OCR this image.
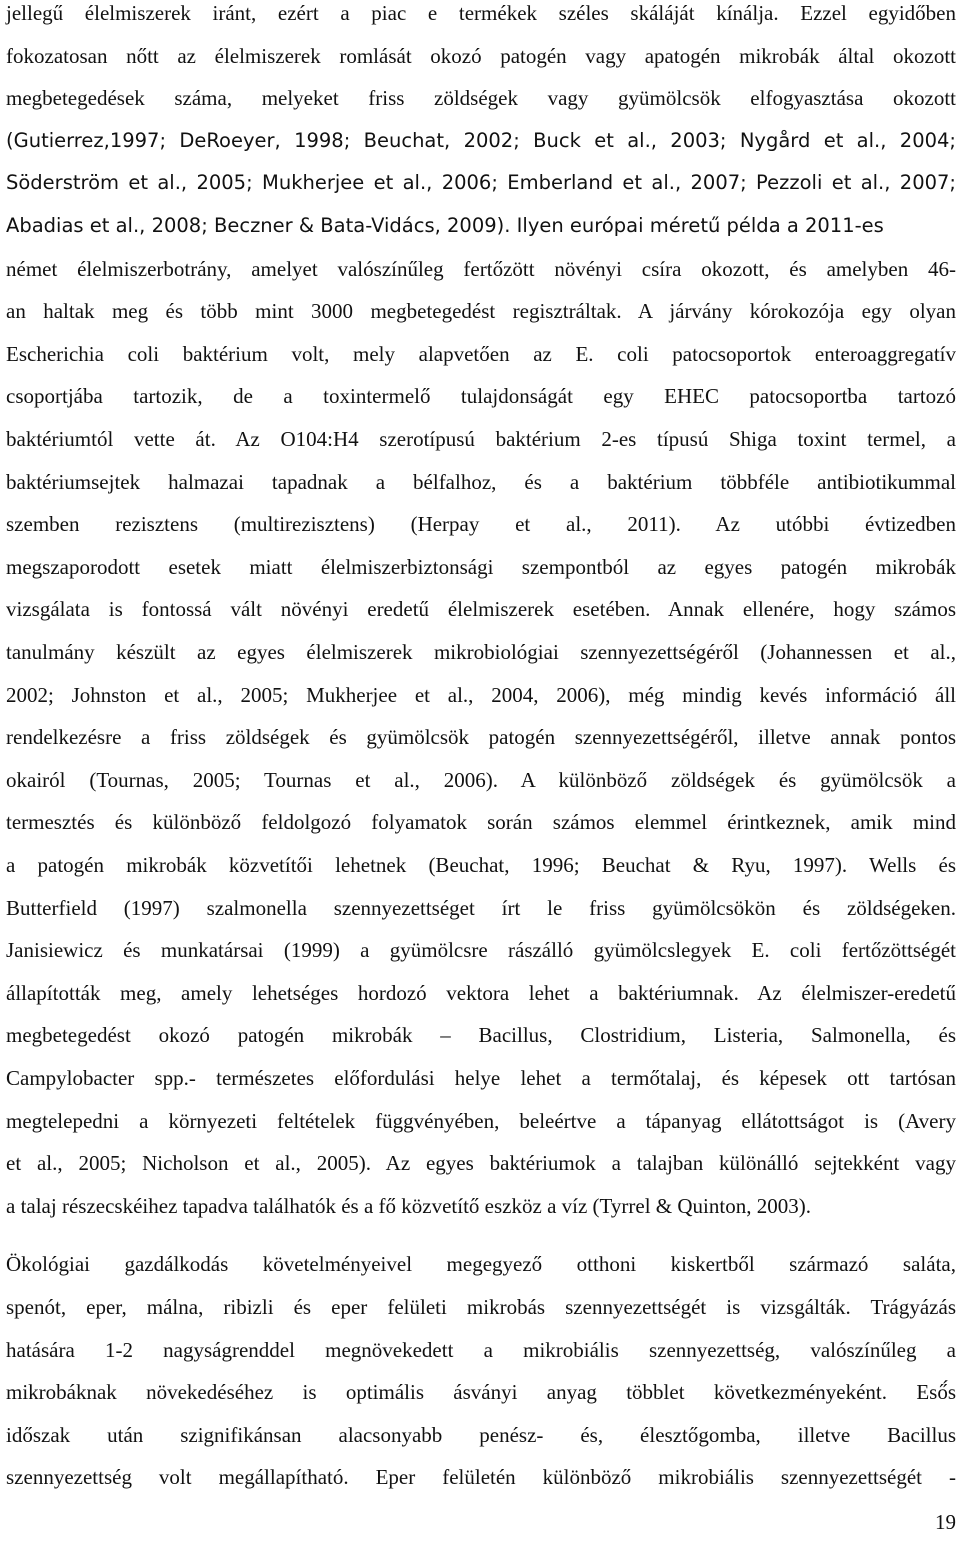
jellegű élelmiszerek iránt, ezért a piac e termékek széles skáláját kínálja. Ezzel egyidőben
fokozatosan nőtt az élelmiszerek romlását okozó patogén vagy apatogén mikrobák által okozott
megbetegedések száma, melyeket friss zöldségek vagy gyümölcsök elfogyasztása okozott
(Gutierrez,1997; DeRoeyer, 1998; Beuchat, 2002; Buck et al., 2003; Nygård et al., 2004;
Söderström et al., 2005; Mukherjee et al., 2006; Emberland et al., 2007; Pezzoli et al., 2007;
Abadias et al., 2008; Beczner & Bata-Vidács, 2009). Ilyen európai méretű példa a 2011-es
német élelmiszerbotrány, amelyet valószínűleg fertőzött növényi csíra okozott, és amelyben 46-
an haltak meg és több mint 3000 megbetegedést regisztráltak. A járvány kórokozója egy olyan
Escherichia coli baktérium volt, mely alapvetően az E. coli patocsoportok enteroaggregatív
csoportjába tartozik, de a toxintermelő tulajdonságát egy EHEC patocsoportba tartozó
baktériumtól vette át. Az O104:H4 szerotípusú baktérium 2-es típusú Shiga toxint termel, a
baktériumsejtek halmazai tapadnak a bélfalhoz, és a baktérium többféle antibiotikummal
szemben rezisztens (multirezisztens) (Herpay et al., 2011). Az utóbbi évtizedben
megszaporodott esetek miatt élelmiszerbiztonsági szempontból az egyes patogén mikrobák
vizsgálata is fontossá vált növényi eredetű élelmiszerek esetében. Annak ellenére, hogy számos
tanulmány készült az egyes élelmiszerek mikrobiológiai szennyezettségéről (Johannessen et al.,
2002; Johnston et al., 2005; Mukherjee et al., 2004, 2006), még mindig kevés információ áll
rendelkezésre a friss zöldségek és gyümölcsök patogén szennyezettségéről, illetve annak pontos
okairól (Tournas, 2005; Tournas et al., 2006). A különböző zöldségek és gyümölcsök a
termesztés és különböző feldolgozó folyamatok során számos elemmel érintkeznek, amik mind
a patogén mikrobák közvetítői lehetnek (Beuchat, 1996; Beuchat & Ryu, 1997). Wells és
Butterfield (1997) szalmonella szennyezettséget írt le friss gyümölcsökön és zöldségeken.
Janisiewicz és munkatársai (1999) a gyümölcsre rászálló gyümölcslegyek E. coli fertőzöttségét
állapították meg, amely lehetséges hordozó vektora lehet a baktériumnak. Az élelmiszer-eredetű
megbetegedést okozó patogén mikrobák – Bacillus, Clostridium, Listeria, Salmonella, és
Campylobacter spp.- természetes előfordulási helye lehet a termőtalaj, és képesek ott tartósan
megtelepedni a környezeti feltételek függvényében, beleértve a tápanyag ellátottságot is (Avery
et al., 2005; Nicholson et al., 2005). Az egyes baktériumok a talajban különálló sejtekként vagy
a talaj részecskéihez tapadva találhatók és a fő közvetítő eszköz a víz (Tyrrel & Quinton, 2003).
Ökológiai gazdálkodás követelményeivel megegyező otthoni kiskertből származó saláta,
spenót, eper, málna, ribizli és eper felületi mikrobás szennyezettségét is vizsgálták. Trágyázás
hatására 1-2 nagyságrenddel megnövekedett a mikrobiális szennyezettség, valószínűleg a
mikrobáknak növekedéséhez is optimális ásványi anyag többlet következményeként. Eső́s
időszak után szignifikánsan alacsonyabb penész- és, élesztőgomba, illetve Bacillus
szennyezettség volt megállapítható. Eper felületén különböző mikrobiális szennyezettségét -
19
